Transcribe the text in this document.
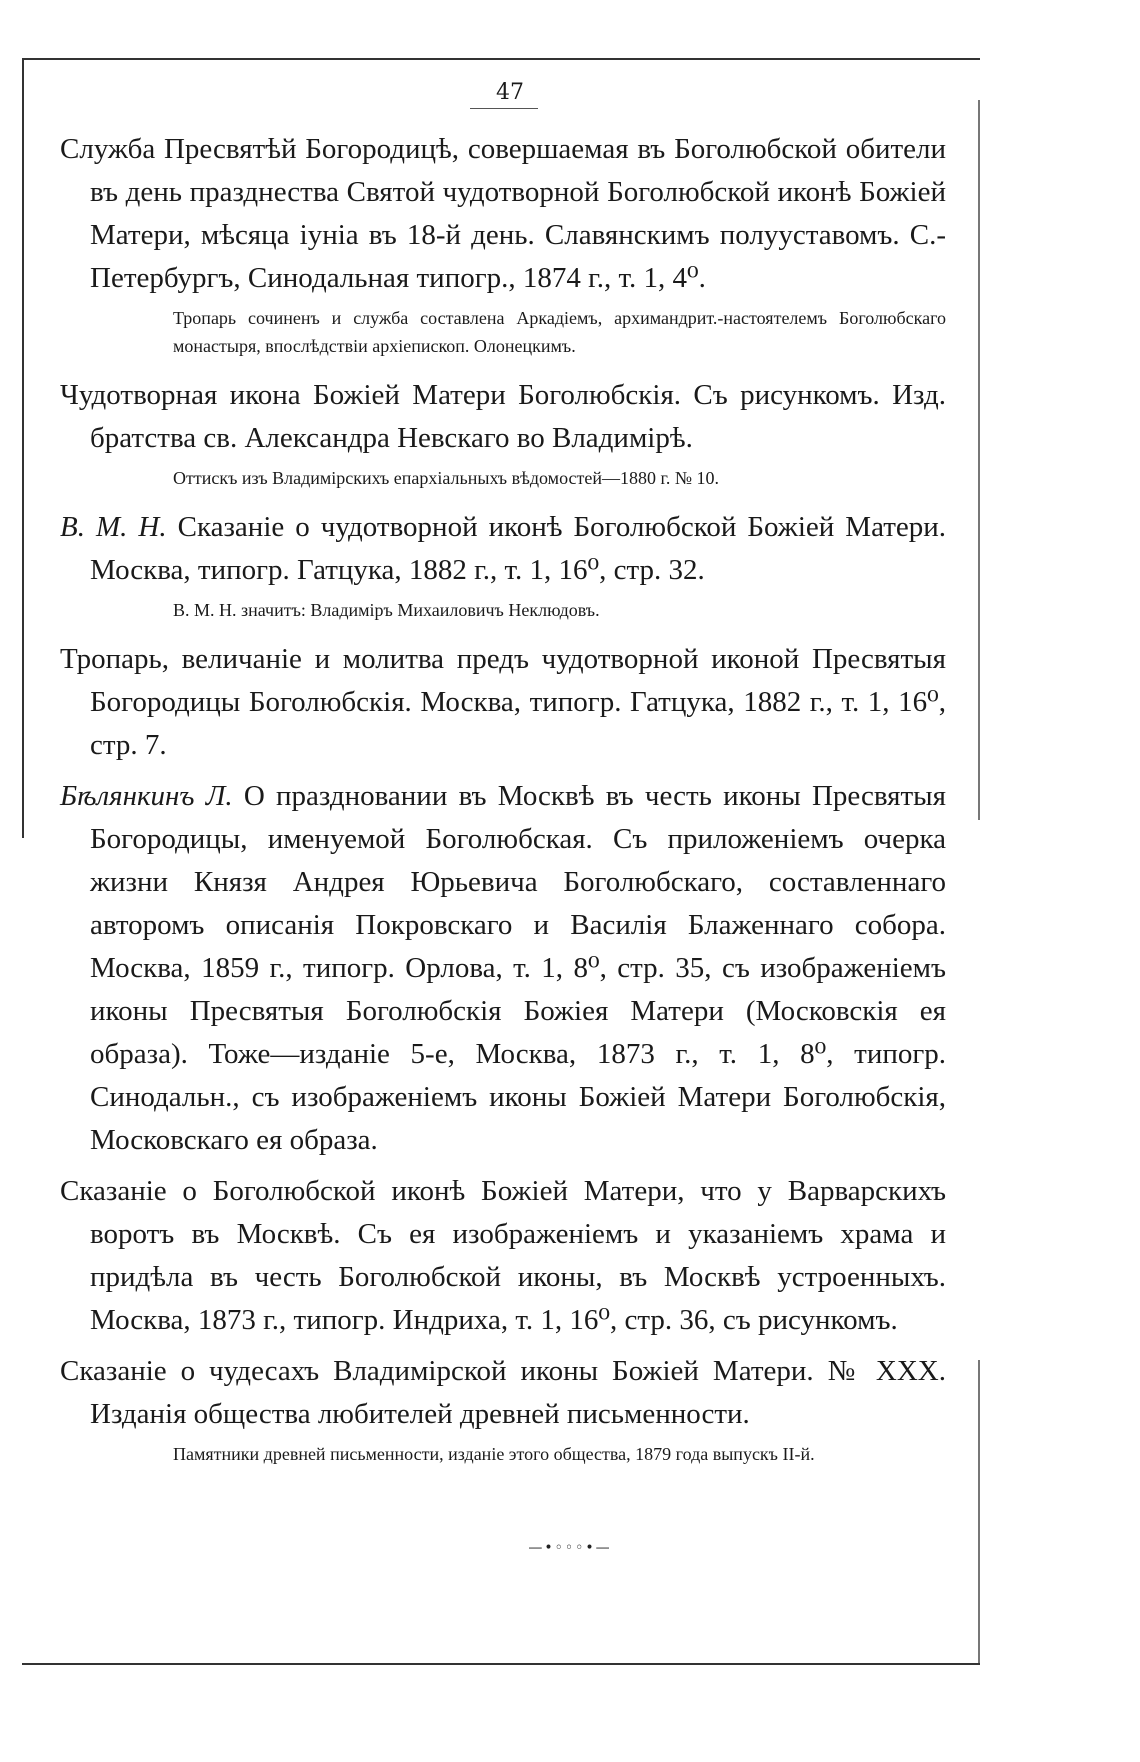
47

Служба Пресвятѣй Богородицѣ, совершаемая въ Боголюбской обители въ день празднества Святой чудотворной Боголюбской иконѣ Божіей Матери, мѣсяца іуніа въ 18-й день. Славянскимъ полууставомъ. С.-Петербургъ, Синодальная типогр., 1874 г., т. 1, 4⁰.

Тропарь сочиненъ и служба составлена Аркадіемъ, архимандрит.-настоятелемъ Боголюбскаго монастыря, впослѣдствіи архіепископ. Олонецкимъ.

Чудотворная икона Божіей Матери Боголюбскія. Съ рисункомъ. Изд. братства св. Александра Невскаго во Владимірѣ.

Оттискъ изъ Владимірскихъ епархіальныхъ вѣдомостей—1880 г. № 10.

В. М. Н. Сказаніе о чудотворной иконѣ Боголюбской Божіей Матери. Москва, типогр. Гатцука, 1882 г., т. 1, 16⁰, стр. 32.

В. М. Н. значитъ: Владиміръ Михаиловичъ Неклюдовъ.

Тропарь, величаніе и молитва предъ чудотворной иконой Пресвятыя Богородицы Боголюбскія. Москва, типогр. Гатцука, 1882 г., т. 1, 16⁰, стр. 7.

Бѣлянкинъ Л. О праздновании въ Москвѣ въ честь иконы Пресвятыя Богородицы, именуемой Боголюбская. Съ приложеніемъ очерка жизни Князя Андрея Юрьевича Боголюбскаго, составленнаго авторомъ описанія Покровскаго и Василія Блаженнаго собора. Москва, 1859 г., типогр. Орлова, т. 1, 8⁰, стр. 35, съ изображеніемъ иконы Пресвятыя Боголюбскія Божіея Матери (Московскія ея образа). Тоже—изданіе 5-е, Москва, 1873 г., т. 1, 8⁰, типогр. Синодальн., съ изображеніемъ иконы Божіей Матери Боголюбскія, Московскаго ея образа.

Сказаніе о Боголюбской иконѣ Божіей Матери, что у Варварскихъ воротъ въ Москвѣ. Съ ея изображеніемъ и указаніемъ храма и придѣла въ честь Боголюбской иконы, въ Москвѣ устроенныхъ. Москва, 1873 г., типогр. Индриха, т. 1, 16⁰, стр. 36, съ рисункомъ.

Сказаніе о чудесахъ Владимірской иконы Божіей Матери. № XXX. Изданія общества любителей древней письменности.

Памятники древней письменности, изданіе этого общества, 1879 года выпускъ II-й.

—•◦◦◦•—
